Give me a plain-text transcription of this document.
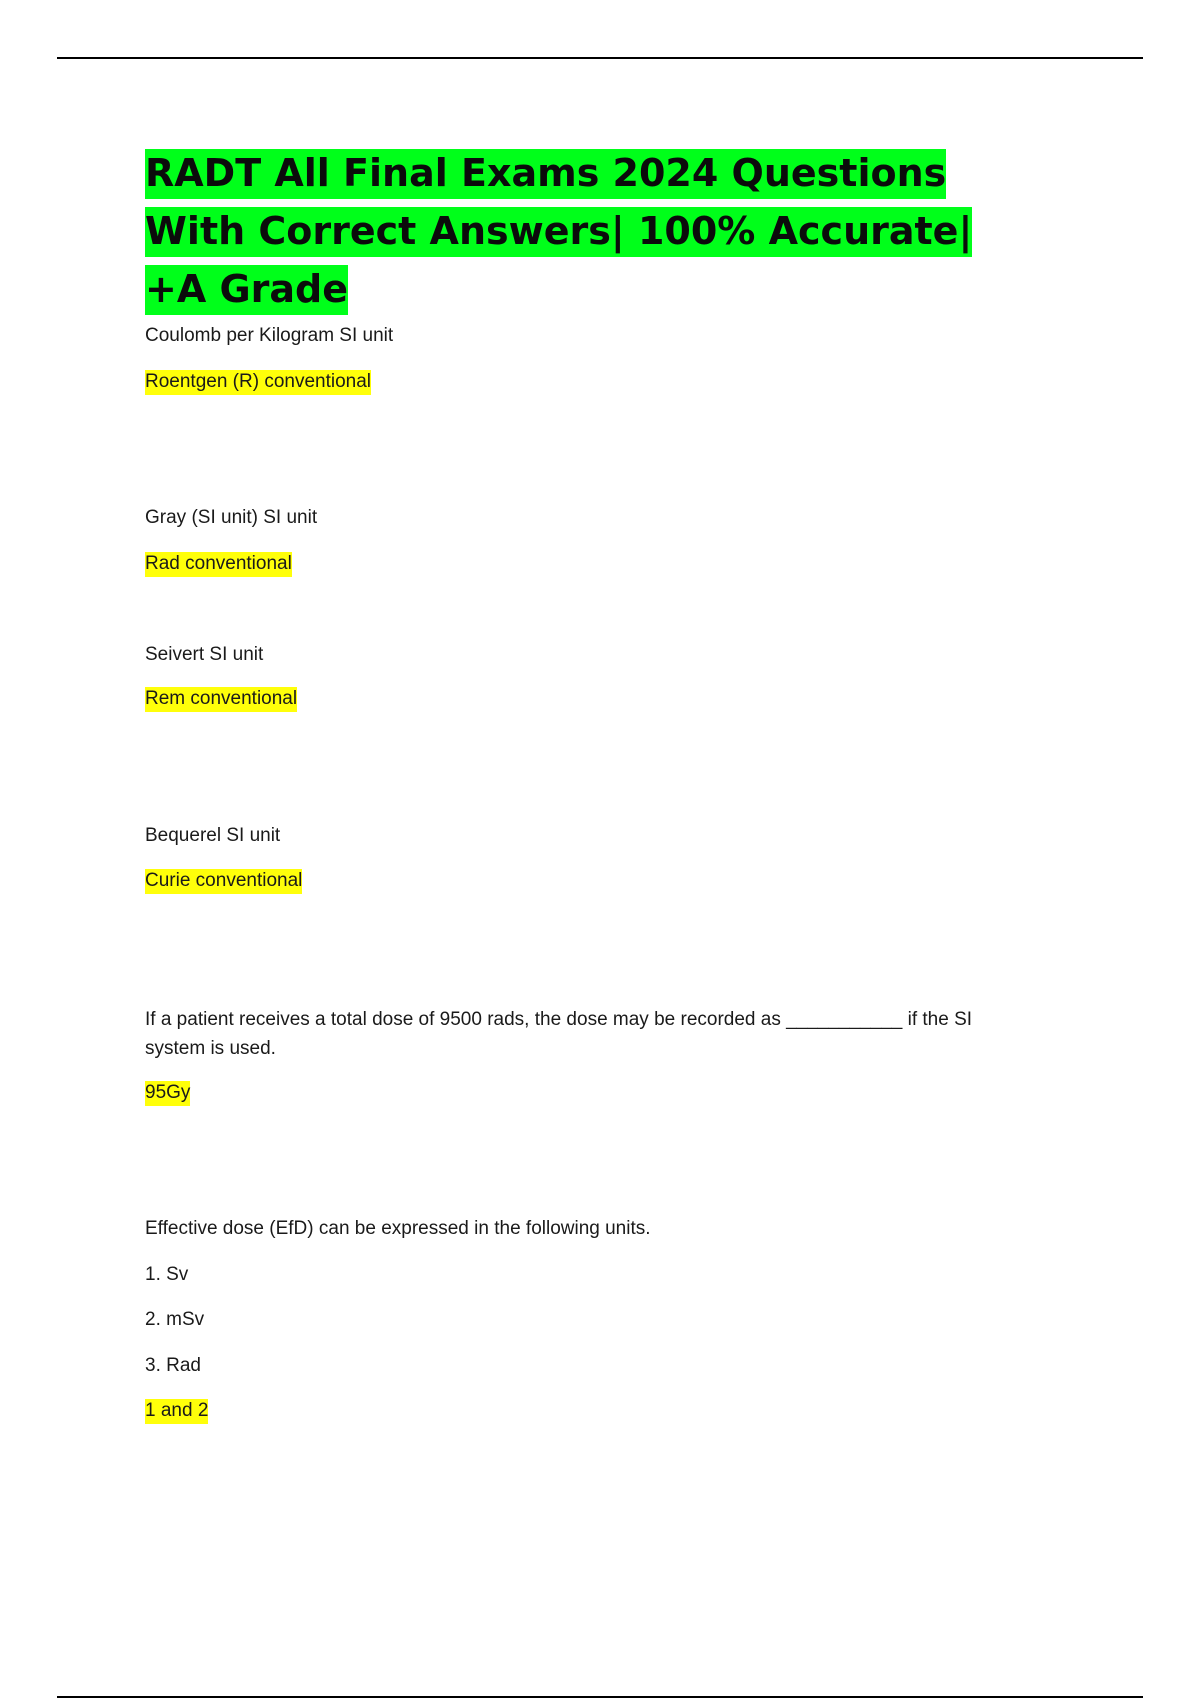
RADT All Final Exams 2024 Questions With Correct Answers| 100% Accurate| +A Grade
Coulomb per Kilogram SI unit
Roentgen (R) conventional
Gray (SI unit) SI unit
Rad conventional
Seivert SI unit
Rem conventional
Bequerel SI unit
Curie conventional
If a patient receives a total dose of 9500 rads, the dose may be recorded as ___________ if the SI system is used.
95Gy
Effective dose (EfD) can be expressed in the following units.
1. Sv
2. mSv
3. Rad
1 and 2
